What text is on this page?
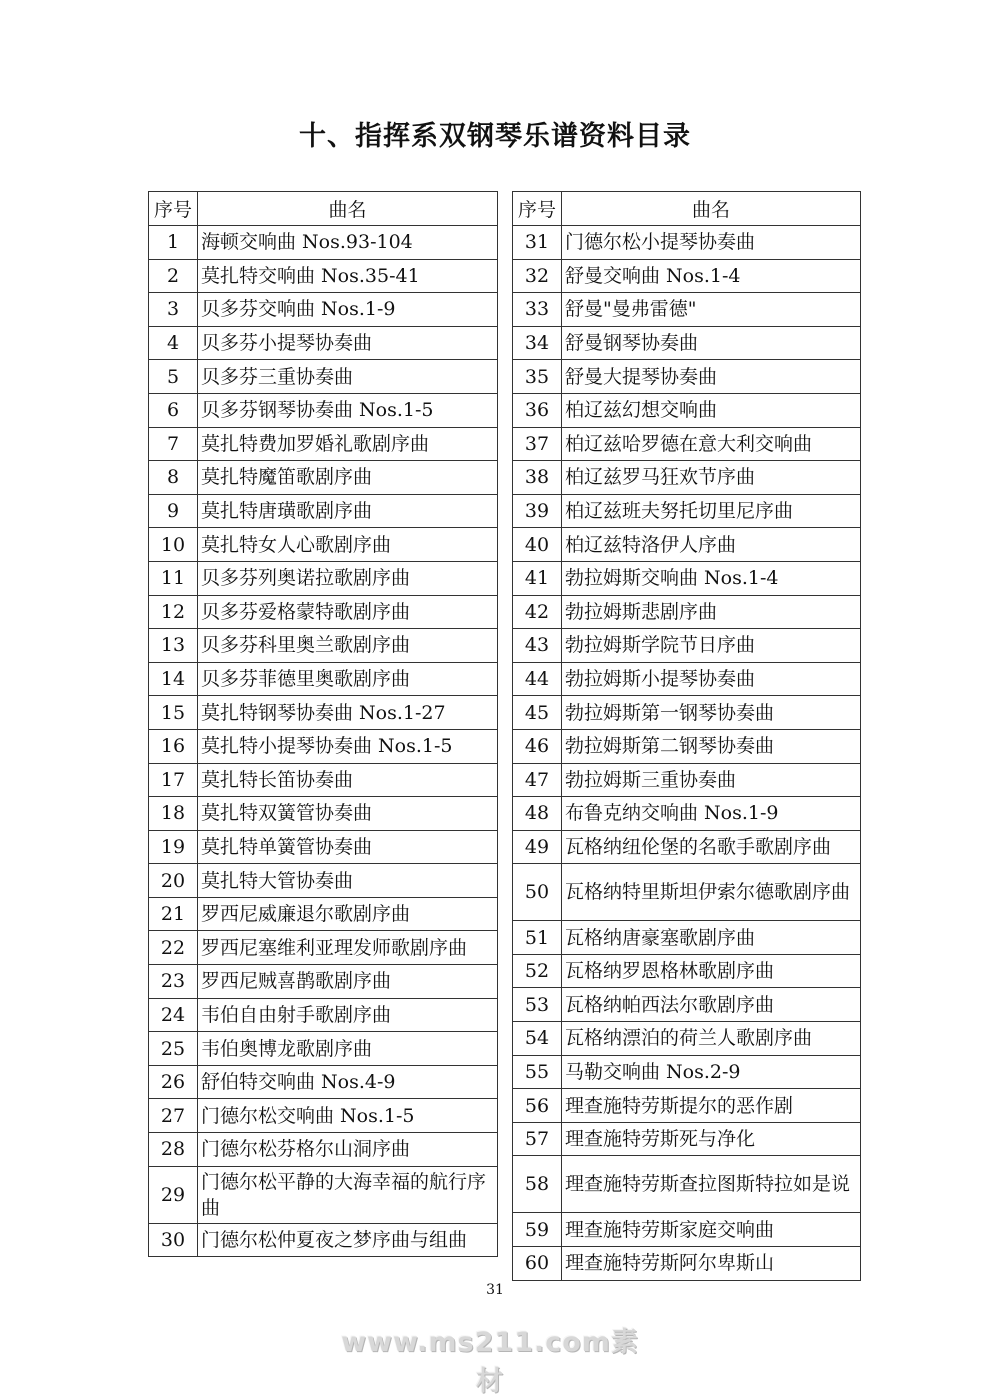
十、指挥系双钢琴乐谱资料目录
序号	曲名
1	海顿交响曲 Nos.93-104
2	莫扎特交响曲 Nos.35-41
3	贝多芬交响曲 Nos.1-9
4	贝多芬小提琴协奏曲
5	贝多芬三重协奏曲
6	贝多芬钢琴协奏曲 Nos.1-5
7	莫扎特费加罗婚礼歌剧序曲
8	莫扎特魔笛歌剧序曲
9	莫扎特唐璜歌剧序曲
10	莫扎特女人心歌剧序曲
11	贝多芬列奥诺拉歌剧序曲
12	贝多芬爱格蒙特歌剧序曲
13	贝多芬科里奥兰歌剧序曲
14	贝多芬菲德里奥歌剧序曲
15	莫扎特钢琴协奏曲 Nos.1-27
16	莫扎特小提琴协奏曲 Nos.1-5
17	莫扎特长笛协奏曲
18	莫扎特双簧管协奏曲
19	莫扎特单簧管协奏曲
20	莫扎特大管协奏曲
21	罗西尼威廉退尔歌剧序曲
22	罗西尼塞维利亚理发师歌剧序曲
23	罗西尼贼喜鹊歌剧序曲
24	韦伯自由射手歌剧序曲
25	韦伯奥博龙歌剧序曲
26	舒伯特交响曲 Nos.4-9
27	门德尔松交响曲 Nos.1-5
28	门德尔松芬格尔山洞序曲
29	门德尔松平静的大海幸福的航行序曲
30	门德尔松仲夏夜之梦序曲与组曲
序号	曲名
31	门德尔松小提琴协奏曲
32	舒曼交响曲 Nos.1-4
33	舒曼"曼弗雷德"
34	舒曼钢琴协奏曲
35	舒曼大提琴协奏曲
36	柏辽兹幻想交响曲
37	柏辽兹哈罗德在意大利交响曲
38	柏辽兹罗马狂欢节序曲
39	柏辽兹班夫努托切里尼序曲
40	柏辽兹特洛伊人序曲
41	勃拉姆斯交响曲 Nos.1-4
42	勃拉姆斯悲剧序曲
43	勃拉姆斯学院节日序曲
44	勃拉姆斯小提琴协奏曲
45	勃拉姆斯第一钢琴协奏曲
46	勃拉姆斯第二钢琴协奏曲
47	勃拉姆斯三重协奏曲
48	布鲁克纳交响曲 Nos.1-9
49	瓦格纳纽伦堡的名歌手歌剧序曲
50	瓦格纳特里斯坦伊索尔德歌剧序曲
51	瓦格纳唐豪塞歌剧序曲
52	瓦格纳罗恩格林歌剧序曲
53	瓦格纳帕西法尔歌剧序曲
54	瓦格纳漂泊的荷兰人歌剧序曲
55	马勒交响曲 Nos.2-9
56	理查施特劳斯提尔的恶作剧
57	理查施特劳斯死与净化
58	理查施特劳斯查拉图斯特拉如是说
59	理查施特劳斯家庭交响曲
60	理查施特劳斯阿尔卑斯山
31
www.ms211.com素材
